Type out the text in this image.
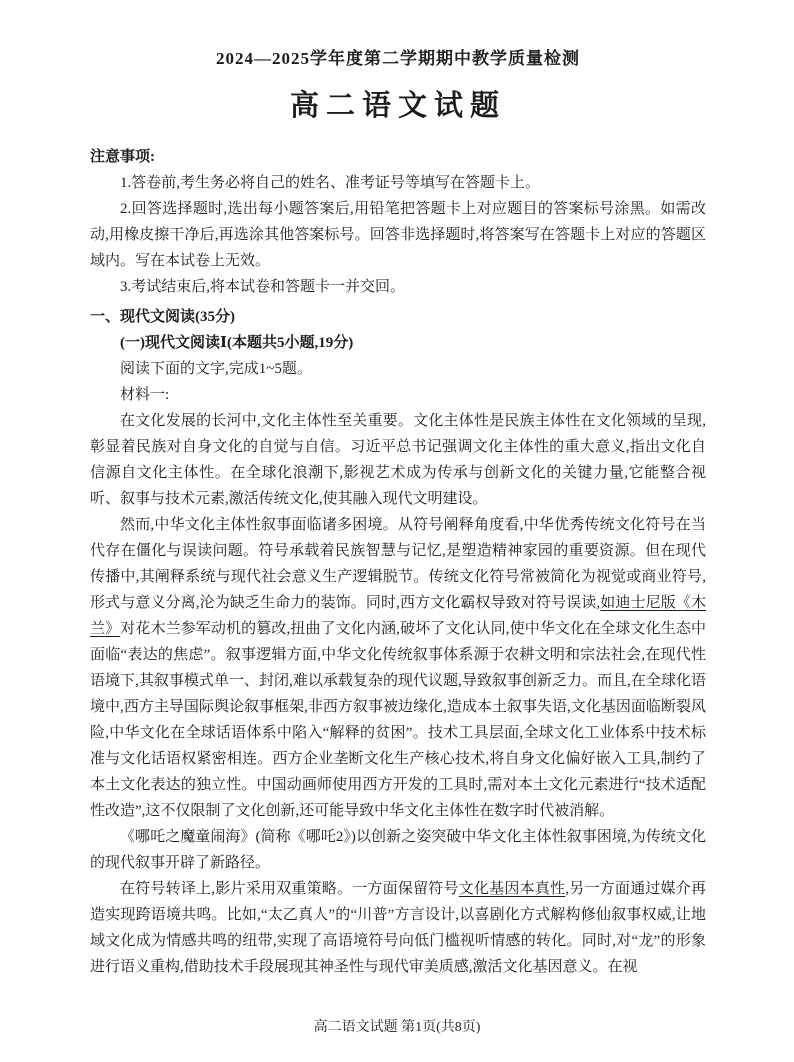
2024—2025学年度第二学期期中教学质量检测
高二语文试题

注意事项:

1.答卷前,考生务必将自己的姓名、准考证号等填写在答题卡上。

2.回答选择题时,选出每小题答案后,用铅笔把答题卡上对应题目的答案标号涂黑。如需改动,用橡皮擦干净后,再选涂其他答案标号。回答非选择题时,将答案写在答题卡上对应的答题区域内。写在本试卷上无效。

3.考试结束后,将本试卷和答题卡一并交回。

一、现代文阅读(35分)

(一)现代文阅读Ⅰ(本题共5小题,19分)

阅读下面的文字,完成1~5题。

材料一:

在文化发展的长河中,文化主体性至关重要。文化主体性是民族主体性在文化领域的呈现,彰显着民族对自身文化的自觉与自信。习近平总书记强调文化主体性的重大意义,指出文化自信源自文化主体性。在全球化浪潮下,影视艺术成为传承与创新文化的关键力量,它能整合视听、叙事与技术元素,激活传统文化,使其融入现代文明建设。

然而,中华文化主体性叙事面临诸多困境。从符号阐释角度看,中华优秀传统文化符号在当代存在僵化与误读问题。符号承载着民族智慧与记忆,是塑造精神家园的重要资源。但在现代传播中,其阐释系统与现代社会意义生产逻辑脱节。传统文化符号常被简化为视觉或商业符号,形式与意义分离,沦为缺乏生命力的装饰。同时,西方文化霸权导致对符号误读,如迪士尼版《木兰》对花木兰参军动机的篡改,扭曲了文化内涵,破坏了文化认同,使中华文化在全球文化生态中面临“表达的焦虑”。叙事逻辑方面,中华文化传统叙事体系源于农耕文明和宗法社会,在现代性语境下,其叙事模式单一、封闭,难以承载复杂的现代议题,导致叙事创新乏力。而且,在全球化语境中,西方主导国际舆论叙事框架,非西方叙事被边缘化,造成本土叙事失语,文化基因面临断裂风险,中华文化在全球话语体系中陷入“解释的贫困”。技术工具层面,全球文化工业体系中技术标准与文化话语权紧密相连。西方企业垄断文化生产核心技术,将自身文化偏好嵌入工具,制约了本土文化表达的独立性。中国动画师使用西方开发的工具时,需对本土文化元素进行“技术适配性改造”,这不仅限制了文化创新,还可能导致中华文化主体性在数字时代被消解。

《哪吒之魔童闹海》(简称《哪吒2》)以创新之姿突破中华文化主体性叙事困境,为传统文化的现代叙事开辟了新路径。

在符号转译上,影片采用双重策略。一方面保留符号文化基因本真性,另一方面通过媒介再造实现跨语境共鸣。比如,“太乙真人”的“川普”方言设计,以喜剧化方式解构修仙叙事权威,让地域文化成为情感共鸣的纽带,实现了高语境符号向低门槛视听情感的转化。同时,对“龙”的形象进行语义重构,借助技术手段展现其神圣性与现代审美质感,激活文化基因意义。在视

高二语文试题 第1页(共8页)
